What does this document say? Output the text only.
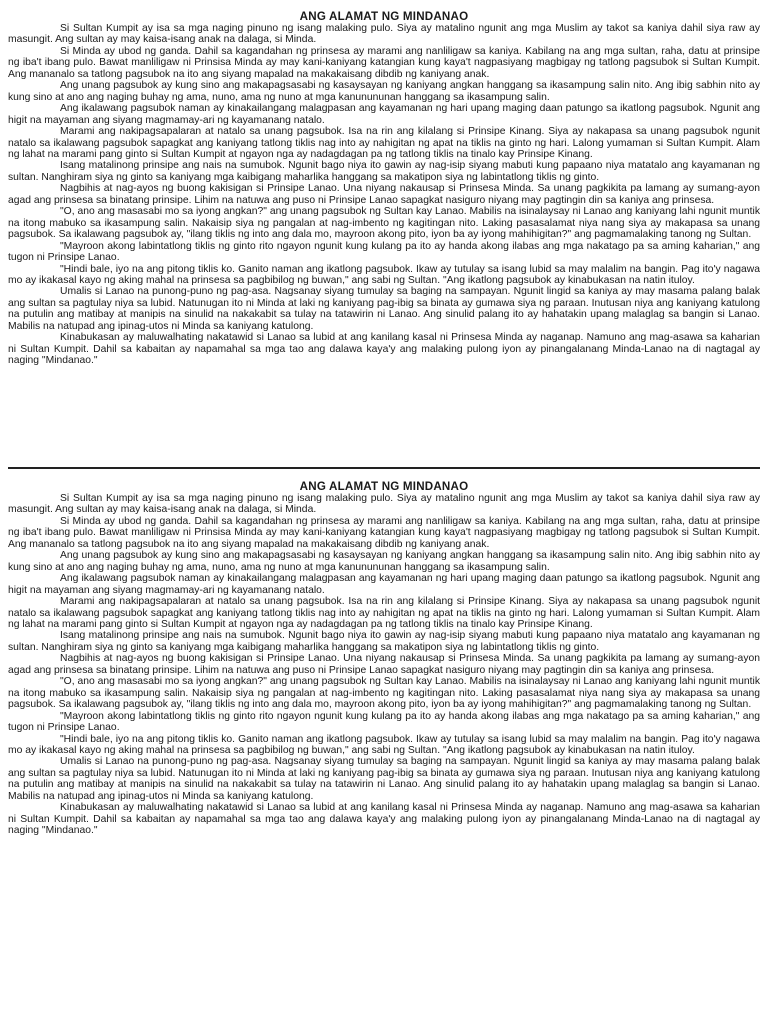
ANG ALAMAT NG MINDANAO

Si Sultan Kumpit ay isa sa mga naging pinuno ng isang malaking pulo. Siya ay matalino ngunit ang mga Muslim ay takot sa kaniya dahil siya raw ay masungit. Ang sultan ay may kaisa-isang anak na dalaga, si Minda.

Si Minda ay ubod ng ganda. Dahil sa kagandahan ng prinsesa ay marami ang nanliligaw sa kaniya. Kabilang na ang mga sultan, raha, datu at prinsipe ng iba't ibang pulo. Bawat manliligaw ni Prinsisa Minda ay may kani-kaniyang katangian kung kaya't nagpasiyang magbigay ng tatlong pagsubok si Sultan Kumpit. Ang mananalo sa tatlong pagsubok na ito ang siyang mapalad na makakaisang dibdib ng kaniyang anak.

Ang unang pagsubok ay kung sino ang makapagsasabi ng kasaysayan ng kaniyang angkan hanggang sa ikasampung salin nito. Ang ibig sabhin nito ay kung sino at ano ang naging buhay ng ama, nuno, ama ng nuno at mga kanunununan hanggang sa ikasampung salin.

Ang ikalawang pagsubok naman ay kinakailangang malagpasan ang kayamanan ng hari upang maging daan patungo sa ikatlong pagsubok. Ngunit ang higit na mayaman ang siyang magmamay-ari ng kayamanang natalo.

Marami ang nakipagsapalaran at natalo sa unang pagsubok. Isa na rin ang kilalang si Prinsipe Kinang. Siya ay nakapasa sa unang pagsubok ngunit natalo sa ikalawang pagsubok sapagkat ang kaniyang tatlong tiklis nag into ay nahigitan ng apat na tiklis na ginto ng hari. Lalong yumaman si Sultan Kumpit. Alam ng lahat na marami pang ginto si Sultan Kumpit at ngayon nga ay nadagdagan pa ng tatlong tiklis na tinalo kay Prinsipe Kinang.

Isang matalinong prinsipe ang nais na sumubok. Ngunit bago niya ito gawin ay nag-isip siyang mabuti kung papaano niya matatalo ang kayamanan ng sultan. Nanghiram siya ng ginto sa kaniyang mga kaibigang maharlika hanggang sa makatipon siya ng labintatlong tiklis ng ginto.

Nagbihis at nag-ayos ng buong kakisigan si Prinsipe Lanao. Una niyang nakausap si Prinsesa Minda. Sa unang pagkikita pa lamang ay sumang-ayon agad ang prinsesa sa binatang prinsipe. Lihim na natuwa ang puso ni Prinsipe Lanao sapagkat nasiguro niyang may pagtingin din sa kaniya ang prinsesa.

"O, ano ang masasabi mo sa iyong angkan?" ang unang pagsubok ng Sultan kay Lanao. Mabilis na isinalaysay ni Lanao ang kaniyang lahi ngunit muntik na itong mabuko sa ikasampung salin. Nakaisip siya ng pangalan at nag-imbento ng kagitingan nito. Laking pasasalamat niya nang siya ay makapasa sa unang pagsubok. Sa ikalawang pagsubok ay, "ilang tiklis ng into ang dala mo, mayroon akong pito, iyon ba ay iyong mahihigitan?" ang pagmamalaking tanong ng Sultan.

"Mayroon akong labintatlong tiklis ng ginto rito ngayon ngunit kung kulang pa ito ay handa akong ilabas ang mga nakatago pa sa aming kaharian," ang tugon ni Prinsipe Lanao.

"Hindi bale, iyo na ang pitong tiklis ko. Ganito naman ang ikatlong pagsubok. Ikaw ay tutulay sa isang lubid sa may malalim na bangin. Pag ito'y nagawa mo ay ikakasal kayo ng aking mahal na prinsesa sa pagbibilog ng buwan," ang sabi ng Sultan. "Ang ikatlong pagsubok ay kinabukasan na natin ituloy.

Umalis si Lanao na punong-puno ng pag-asa. Nagsanay siyang tumulay sa baging na sampayan. Ngunit lingid sa kaniya ay may masama palang balak ang sultan sa pagtulay niya sa lubid. Natunugan ito ni Minda at laki ng kaniyang pag-ibig sa binata ay gumawa siya ng paraan. Inutusan niya ang kaniyang katulong na putulin ang matibay at manipis na sinulid na nakakabit sa tulay na tatawirin ni Lanao. Ang sinulid palang ito ay hahatakin upang malaglag sa bangin si Lanao. Mabilis na natupad ang ipinag-utos ni Minda sa kaniyang katulong.

Kinabukasan ay maluwalhating nakatawid si Lanao sa lubid at ang kanilang kasal ni Prinsesa Minda ay naganap. Namuno ang mag-asawa sa kaharian ni Sultan Kumpit. Dahil sa kabaitan ay napamahal sa mga tao ang dalawa kaya'y ang malaking pulong iyon ay pinangalanang Minda-Lanao na di nagtagal ay naging "Mindanao."

ANG ALAMAT NG MINDANAO

Si Sultan Kumpit ay isa sa mga naging pinuno ng isang malaking pulo. Siya ay matalino ngunit ang mga Muslim ay takot sa kaniya dahil siya raw ay masungit. Ang sultan ay may kaisa-isang anak na dalaga, si Minda.

Si Minda ay ubod ng ganda. Dahil sa kagandahan ng prinsesa ay marami ang nanliligaw sa kaniya. Kabilang na ang mga sultan, raha, datu at prinsipe ng iba't ibang pulo. Bawat manliligaw ni Prinsisa Minda ay may kani-kaniyang katangian kung kaya't nagpasiyang magbigay ng tatlong pagsubok si Sultan Kumpit. Ang mananalo sa tatlong pagsubok na ito ang siyang mapalad na makakaisang dibdib ng kaniyang anak.

Ang unang pagsubok ay kung sino ang makapagsasabi ng kasaysayan ng kaniyang angkan hanggang sa ikasampung salin nito. Ang ibig sabhin nito ay kung sino at ano ang naging buhay ng ama, nuno, ama ng nuno at mga kanunununan hanggang sa ikasampung salin.

Ang ikalawang pagsubok naman ay kinakailangang malagpasan ang kayamanan ng hari upang maging daan patungo sa ikatlong pagsubok. Ngunit ang higit na mayaman ang siyang magmamay-ari ng kayamanang natalo.

Marami ang nakipagsapalaran at natalo sa unang pagsubok. Isa na rin ang kilalang si Prinsipe Kinang. Siya ay nakapasa sa unang pagsubok ngunit natalo sa ikalawang pagsubok sapagkat ang kaniyang tatlong tiklis nag into ay nahigitan ng apat na tiklis na ginto ng hari. Lalong yumaman si Sultan Kumpit. Alam ng lahat na marami pang ginto si Sultan Kumpit at ngayon nga ay nadagdagan pa ng tatlong tiklis na tinalo kay Prinsipe Kinang.

Isang matalinong prinsipe ang nais na sumubok. Ngunit bago niya ito gawin ay nag-isip siyang mabuti kung papaano niya matatalo ang kayamanan ng sultan. Nanghiram siya ng ginto sa kaniyang mga kaibigang maharlika hanggang sa makatipon siya ng labintatlong tiklis ng ginto.

Nagbihis at nag-ayos ng buong kakisigan si Prinsipe Lanao. Una niyang nakausap si Prinsesa Minda. Sa unang pagkikita pa lamang ay sumang-ayon agad ang prinsesa sa binatang prinsipe. Lihim na natuwa ang puso ni Prinsipe Lanao sapagkat nasiguro niyang may pagtingin din sa kaniya ang prinsesa.

"O, ano ang masasabi mo sa iyong angkan?" ang unang pagsubok ng Sultan kay Lanao. Mabilis na isinalaysay ni Lanao ang kaniyang lahi ngunit muntik na itong mabuko sa ikasampung salin. Nakaisip siya ng pangalan at nag-imbento ng kagitingan nito. Laking pasasalamat niya nang siya ay makapasa sa unang pagsubok. Sa ikalawang pagsubok ay, "ilang tiklis ng into ang dala mo, mayroon akong pito, iyon ba ay iyong mahihigitan?" ang pagmamalaking tanong ng Sultan.

"Mayroon akong labintatlong tiklis ng ginto rito ngayon ngunit kung kulang pa ito ay handa akong ilabas ang mga nakatago pa sa aming kaharian," ang tugon ni Prinsipe Lanao.

"Hindi bale, iyo na ang pitong tiklis ko. Ganito naman ang ikatlong pagsubok. Ikaw ay tutulay sa isang lubid sa may malalim na bangin. Pag ito'y nagawa mo ay ikakasal kayo ng aking mahal na prinsesa sa pagbibilog ng buwan," ang sabi ng Sultan. "Ang ikatlong pagsubok ay kinabukasan na natin ituloy.

Umalis si Lanao na punong-puno ng pag-asa. Nagsanay siyang tumulay sa baging na sampayan. Ngunit lingid sa kaniya ay may masama palang balak ang sultan sa pagtulay niya sa lubid. Natunugan ito ni Minda at laki ng kaniyang pag-ibig sa binata ay gumawa siya ng paraan. Inutusan niya ang kaniyang katulong na putulin ang matibay at manipis na sinulid na nakakabit sa tulay na tatawirin ni Lanao. Ang sinulid palang ito ay hahatakin upang malaglag sa bangin si Lanao. Mabilis na natupad ang ipinag-utos ni Minda sa kaniyang katulong.

Kinabukasan ay maluwalhating nakatawid si Lanao sa lubid at ang kanilang kasal ni Prinsesa Minda ay naganap. Namuno ang mag-asawa sa kaharian ni Sultan Kumpit. Dahil sa kabaitan ay napamahal sa mga tao ang dalawa kaya'y ang malaking pulong iyon ay pinangalanang Minda-Lanao na di nagtagal ay naging "Mindanao."
